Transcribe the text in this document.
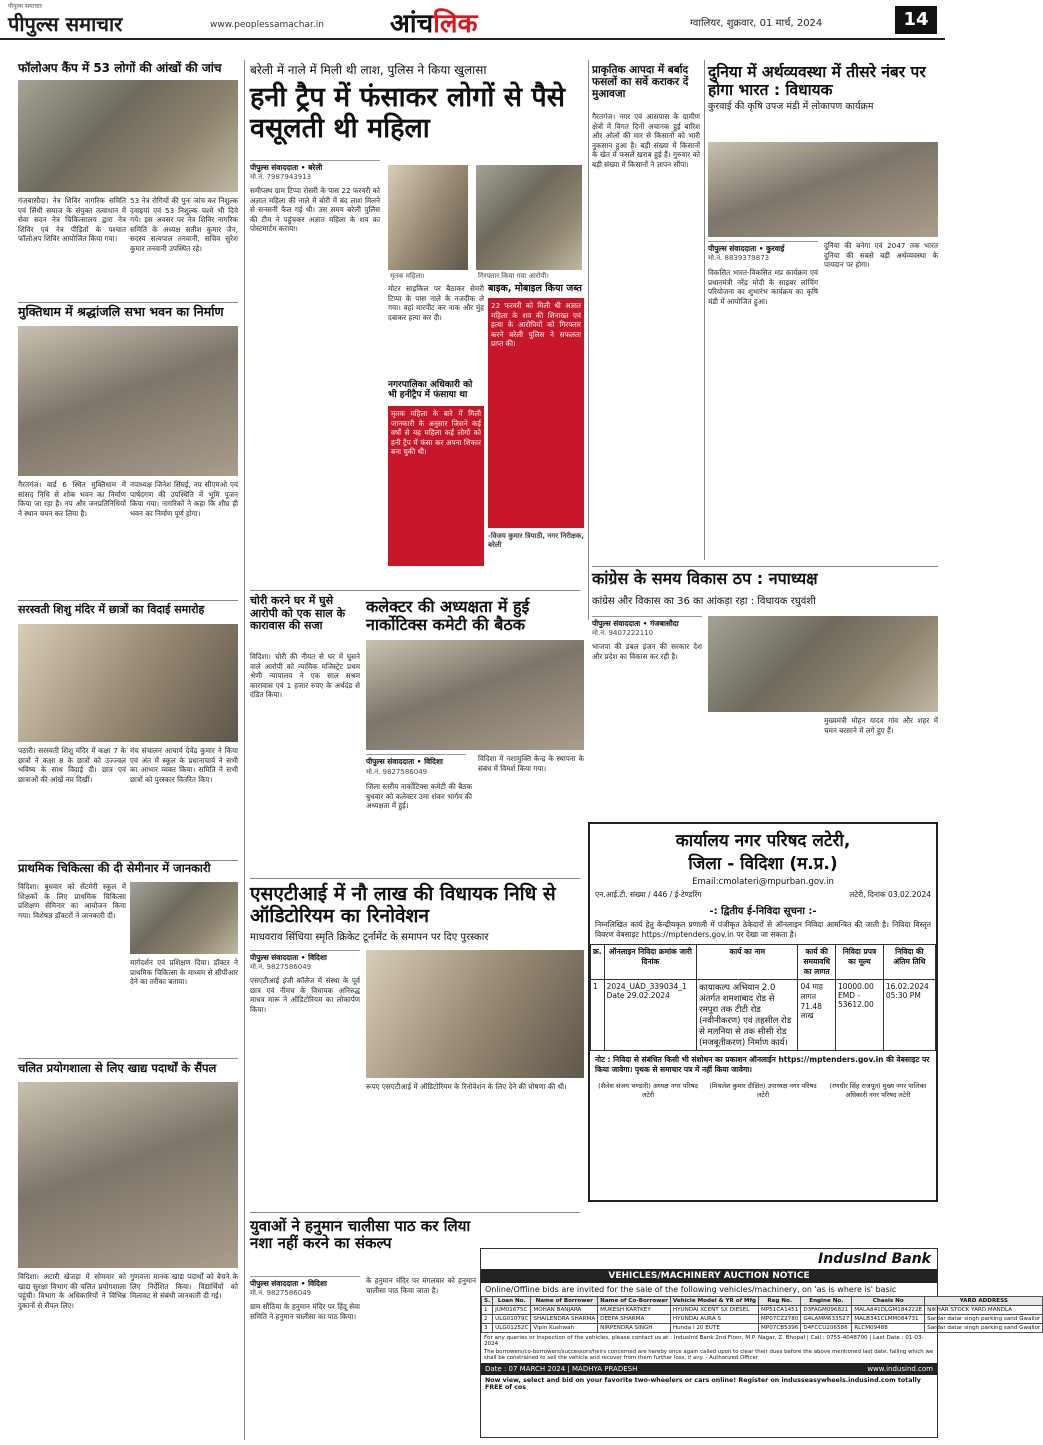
पीपुल्स समाचार
पीपुल्स समाचार	www.peoplessamachar.in	आंचलिक	ग्वालियर, शुक्रवार, 01 मार्च, 2024	14
फॉलोअप कैंप में 53 लोगों की आंखों की जांच
गंजबासौदा। नेत्र शिविर नागरिक समिति एवं सिंधी समाज के संयुक्त तत्वाधान में सेवा सदन नेत्र चिकित्सालय द्वारा नेत्र शिविर एवं नेत्र पीड़ितों के पश्चात फॉलोअप शिविर आयोजित किया गया।
53 नेत्र रोगियों की पुनः जांच कर निशुल्क दवाइयां एवं 53 निशुल्क चश्मे भी दिये गये। इस अवसर पर नेत्र शिविर नागरिक समिति के अध्यक्ष सतीश कुमार जैन, सदस्य सत्यपाल तनवानी, सचिव सुरेश कुमार तनवानी उपस्थित रहे।
मुक्तिधाम में श्रद्धांजलि सभा भवन का निर्माण
गैरतगंज। वार्ड 6 स्थित मुक्तिधाम में सांसद निधि से शोक भवन का निर्माण किया जा रहा है। नप और जनप्रतिनिधियों ने स्थान चयन कर लिया है।
नपाध्यक्ष जिनेश सिंघई, नप सीएमओ एवं पार्षदगण की उपस्थिति में भूमि पूजन किया गया। नागरिकों ने कहा कि शीघ्र ही भवन का निर्माण पूर्ण होगा।
सरस्वती शिशु मंदिर में छात्रों का विदाई समारोह
पठारी। सरस्वती शिशु मंदिर में कक्षा 7 के छात्रों ने कक्षा 8 के छात्रों को उज्ज्वल भविष्य के साथ विदाई दी। छात्र एवं छात्राओं की आंखें नम दिखीं।
मंच संचालन आचार्य देवेंद्र कुमार ने किया एवं अंत में स्कूल के प्रधानाचार्य ने सभी का आभार व्यक्त किया। समिति ने सभी छात्रों को पुरस्कार वितरित किए।
प्राथमिक चिकित्सा की दी सेमीनार में जानकारी
विदिशा। बुधवार को सेंटमेरी स्कूल में शिक्षकों के लिए प्राथमिक चिकित्सा प्रशिक्षण सेमिनार का आयोजन किया गया। विशेषज्ञ डॉक्टरों ने जानकारी दी।
मार्गदर्शन एवं प्रशिक्षण दिया। डॉक्टर ने प्राथमिक चिकित्सा के माध्यम से सीपीआर देने का तरीका बताया।
चलित प्रयोगशाला से लिए खाद्य पदार्थों के सैंपल
विदिशा। अटारी खेजड़ा में सोमवार को खाद्य सुरक्षा विभाग की चलित प्रयोगशाला पहुंची। विभाग के अधिकारियों ने विभिन्न दुकानों से सैंपल लिए।
गुणवत्ता मानक खाद्य पदार्थों को बेचने के लिए निर्देशित किया। विद्यार्थियों को मिलावट से संबंधी जानकारी दी गई।
बरेली में नाले में मिली थी लाश, पुलिस ने किया खुलासा
हनी ट्रैप में फंसाकर लोगों से पैसे वसूलती थी महिला
पीपुल्स संवाददाता • बरेली
मो.नं. 7987943913
समीपस्थ ग्राम टिप्पा रोसरी के पास 22 फरवरी को अज्ञात महिला की नाले में बोरी में बंद लाश मिलने से सनसनी फैल गई थी। उस समय बरेली पुलिस की टीम ने पहुंचकर अज्ञात महिला के शव का पोस्टमार्टम कराया।
मृतक महिला।	गिरफ्तार किया गया आरोपी।
मोटर साइकिल पर बैठाकर सेमरी टिप्पा के पास नाले के नजदीक ले गया। वहां मारपीट कर नाक और मुंह दबाकर हत्या कर दी।
बाइक, मोबाइल किया जब्त
22 फरवरी को मिली थी अज्ञात महिला के शव की शिनाख्त एवं हत्या के आरोपियों को गिरफ्तार करने बरेली पुलिस ने सफलता प्राप्त की।
नगरपालिका अधिकारी को भी हनीट्रैप में फंसाया था
मृतक महिला के बारे में मिली जानकारी के अनुसार जिसने कई वर्षों से यह महिला कई लोगों को हनी ट्रैप में फंसा कर अपना शिकार बना चुकी थी।
-विजय कुमार त्रिपाठी, नगर निरीक्षक, बरेली
चोरी करने घर में घुसे आरोपी को एक साल के कारावास की सजा
विदिशा। चोरी की नीयत से घर में घुसने वाले आरोपी को न्यायिक मजिस्ट्रेट प्रथम श्रेणी न्यायालय ने एक साल सश्रम कारावास एवं 1 हजार रुपए के अर्थदंड से दंडित किया।
कलेक्टर की अध्यक्षता में हुई नार्कोटिक्स कमेटी की बैठक
पीपुल्स संवाददाता • विदिशा
मो.नं. 9827586049
जिला स्तरीय नार्कोटिक्स कमेटी की बैठक बुधवार को कलेक्टर उमा शंकर भार्गव की अध्यक्षता में हुई।
विदिशा में नशामुक्ति केन्द्र के स्थापना के संबंध में विमर्श किया गया।
एसएटीआई में नौ लाख की विधायक निधि से ऑडिटोरियम का रिनोवेशन
माधवराव सिंधिया स्मृति क्रिकेट टूर्नामेंट के समापन पर दिए पुरस्कार
पीपुल्स संवाददाता • विदिशा
मो.नं. 9827586049
एसएटीआई इंजी कॉलेज में संस्था के पूर्व छात्र एवं नीमच के विधायक अनिरुद्ध माधव मारू ने ऑडिटोरियम का लोकार्पण किया।
रूपए एसएटीआई में ऑडिटोरियम के रिनोवेशन के लिए देने की घोषणा की थी।
युवाओं ने हनुमान चालीसा पाठ कर लिया नशा नहीं करने का संकल्प
पीपुल्स संवाददाता • विदिशा
मो.नं. 9827586049
ग्राम सौंठिया के हनुमान मंदिर पर हिंदू सेवा समिति ने हनुमान चालीसा का पाठ किया।
के हनुमान मंदिर पर मंगलवार को हनुमान चालीसा पाठ किया जाता है।
प्राकृतिक आपदा में बर्बाद फसलों का सर्वे कराकर दें मुआवजा
गैरतगंज। नगर एवं आसपास के ग्रामीण क्षेत्रों में विगत दिनों अचानक हुई बारिश और ओलों की मार से किसानों को भारी नुकसान हुआ है। बड़ी संख्या में किसानों के खेत में फसलें खराब हुई हैं। गुरुवार को बड़ी संख्या में किसानों ने ज्ञापन सौंपा।
दुनिया में अर्थव्यवस्था में तीसरे नंबर पर होगा भारत : विधायक
कुरवाई की कृषि उपज मंडी में लोकापण कार्यक्रम
पीपुल्स संवाददाता • कुरवाई
मो.नं. 8839379873
विकसित भारत-विकसित मप्र कार्यक्रम एवं प्रधानमंत्री नरेंद्र मोदी के साइबर लांचिंग परियोजना का शुभारंभ कार्यक्रम का कृषि मंडी में आयोजित हुआ।
दुनिया की बनेगा एवं 2047 तक भारत दुनिया की सबसे बड़ी अर्थव्यवस्था के पायदान पर होगा।
कांग्रेस के समय विकास ठप : नपाध्यक्ष
कांग्रेस और विकास का 36 का आंकड़ा रहा : विधायक रघुवंशी
पीपुल्स संवाददाता • गंजबासौदा
मो.नं. 9407222110
भाजपा की डबल इंजन की सरकार देश और प्रदेश का विकास कर रही है।
मुख्यमंत्री मोहन यादव गांव और शहर में चमन बरसाने में लगे हुए हैं।
कार्यालय नगर परिषद लटेरी,
जिला - विदिशा (म.प्र.)
Email:cmolateri@mpurban.gov.in
एन.आई.टी. संख्या / 446 / ई-टेण्डरिंग	लटेरी, दिनांक 03.02.2024
-: द्वितीय ई-निविदा सूचना :-
निम्नलिखित कार्य हेतु केन्द्रीयकृत प्रणाली में पंजीकृत ठेकेदारों से ऑनलाइन निविदा आमन्त्रित की जाती है। निविदा विस्तृत विवरण वेबसाइट https://mptenders.gov.in पर देखा जा सकता है।
क्र.	ऑनलाइन निविदा क्रमांक जारी दिनांक	कार्य का नाम	कार्य की समयावधि का लागत	निविदा प्रपत्र का मूल्य	निविदा की अंतिम तिथि
1	2024_UAD_339034_1 Date 29.02.2024	कायाकल्प अभियान 2.0 अंतर्गत शमशाबाद रोड से रमपुरा तक टीटी रोड (नवीनीकरण) एवं तहसील रोड से मलनिया से तक सीसी रोड (मजबूतीकरण) निर्माण कार्य।	04 माह लागत 71.48 लाख	10000.00 EMD - 53612.00	16.02.2024 05:30 PM
नोट : निविदा से संबंधित किसी भी संशोधन का प्रकाशन ऑनलाईन https://mptenders.gov.in की वेबसाइट पर किया जावेगा। पृथक से समाचार पत्र में नहीं किया जावेगा।
(शैलेश संजय भण्डारी) अध्यक्ष नगर परिषद लटेरी
(मिथलेश कुमार दीक्षित) उपाध्यक्ष नगर परिषद लटेरी
(रणधीर सिंह राजपूत) मुख्य नगर पालिका अधिकारी नगर परिषद लटेरी
IndusInd Bank
VEHICLES/MACHINERY AUCTION NOTICE
Online/Offline bids are invited for the sale of the following vehicles/machinery, on 'as is where is' basic
S.	Loan No.	Name of Borrower	Name of Co-Borrower	Vehicle Model & YR of Mfg	Reg No.	Engine No.	Chasis No	YARD ADDRESS
1	JUM01675C	MOHAN BANJARA	MUKESH KARTKEY	HYUNDAI XCENT SX DIESEL	MP51CA1451	D3FAGM096821	MALA841DLGM184222E	NIKHAR STOCK YARD MANDLA
2	ULG01079C	SHAILENDRA SHARMA	DEEPA SHARMA	HYUNDAI AURA S	MP07CZ2780	G4LAMM633527	MALB341CLMM084731	Sardar datar singh parking sand Gwalior
3	ULG01252C	Vipin Kushwah	NIRPENDRA SINGH	Hunda I 20 EUTE	MP07CB5396	D4FCCU206586	RLCM09488	Sardar datar singh parking sand Gwalior
For any queries or inspection of the vehicles, please contact us at : IndusInd Bank 2nd Floor, M.P. Nagar, Z. Bhopal | Call : 0755-4048700 | Last Date : 01-03-2024
The borrowers/co-borrowers/successors/heirs concerned are hereby once again called upon to clear their dues before the above mentioned last date, failing which we shall be constrained to sell the vehicle and recover from them further loss, if any. - Authorized Officer
Date : 07 MARCH 2024 | MADHYA PRADESH	www.indusind.com
Now view, select and bid on your favorite two-wheelers or cars online! Register on indusseasywheels.indusind.com totally FREE of cos
